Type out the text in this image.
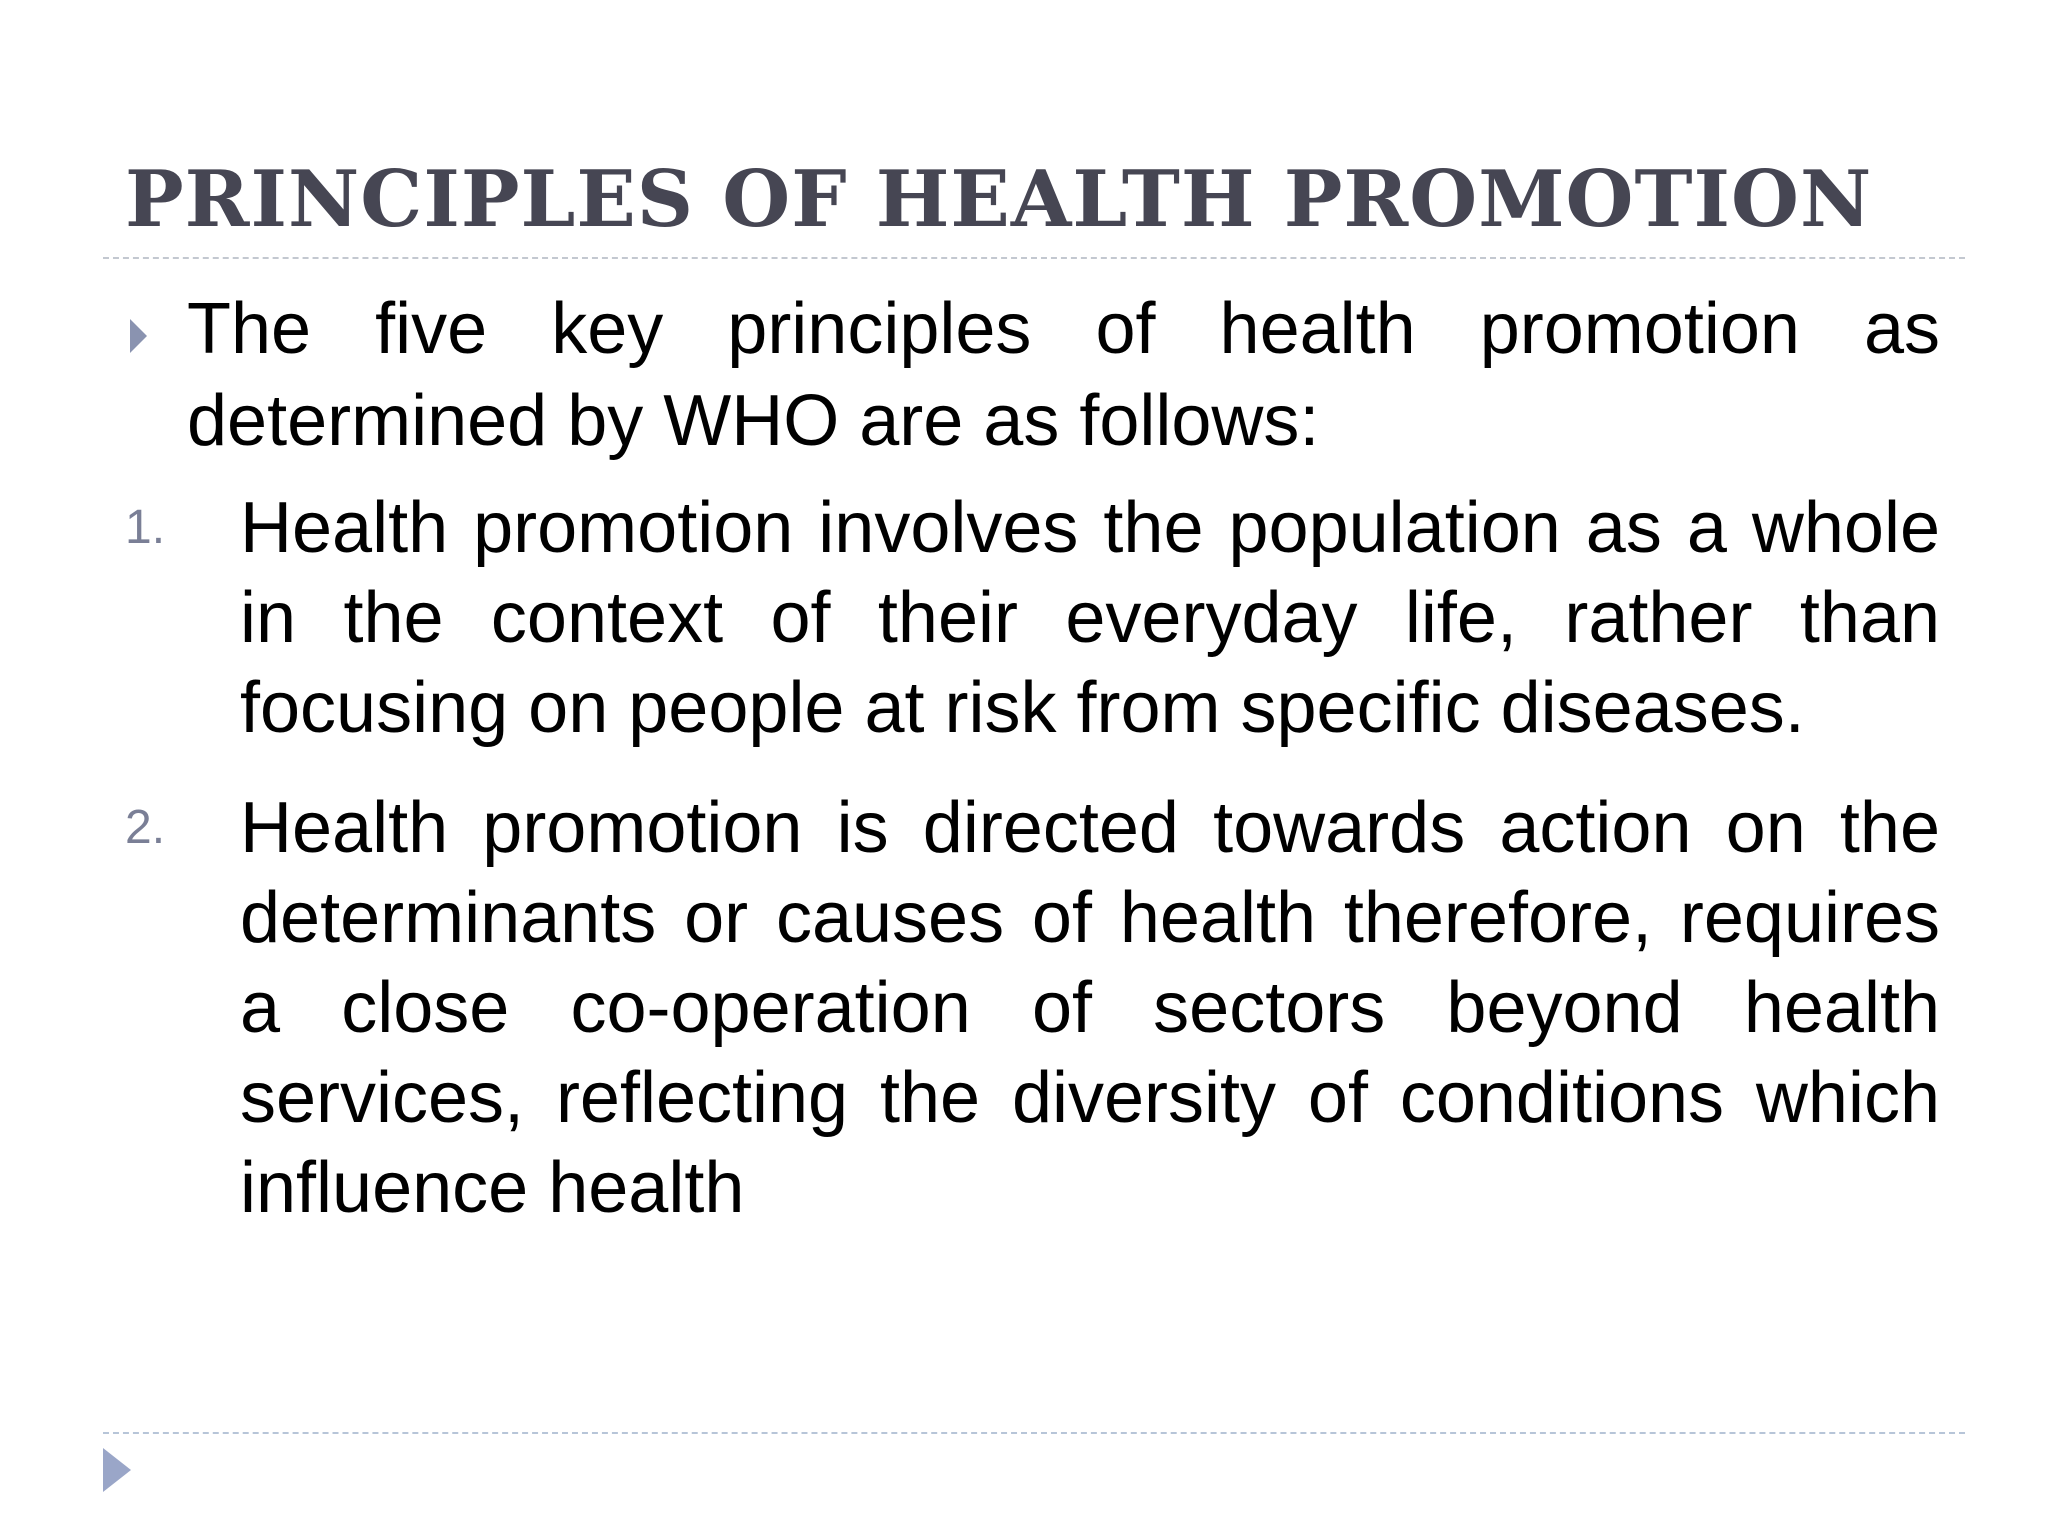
PRINCIPLES OF HEALTH PROMOTION
The five key principles of health promotion as determined by WHO are as follows:
1. Health promotion involves the population as a whole in the context of their everyday life, rather than focusing on people at risk from specific diseases.
2. Health promotion is directed towards action on the determinants or causes of health therefore, requires a close co-operation of sectors beyond health services, reflecting the diversity of conditions which influence health
